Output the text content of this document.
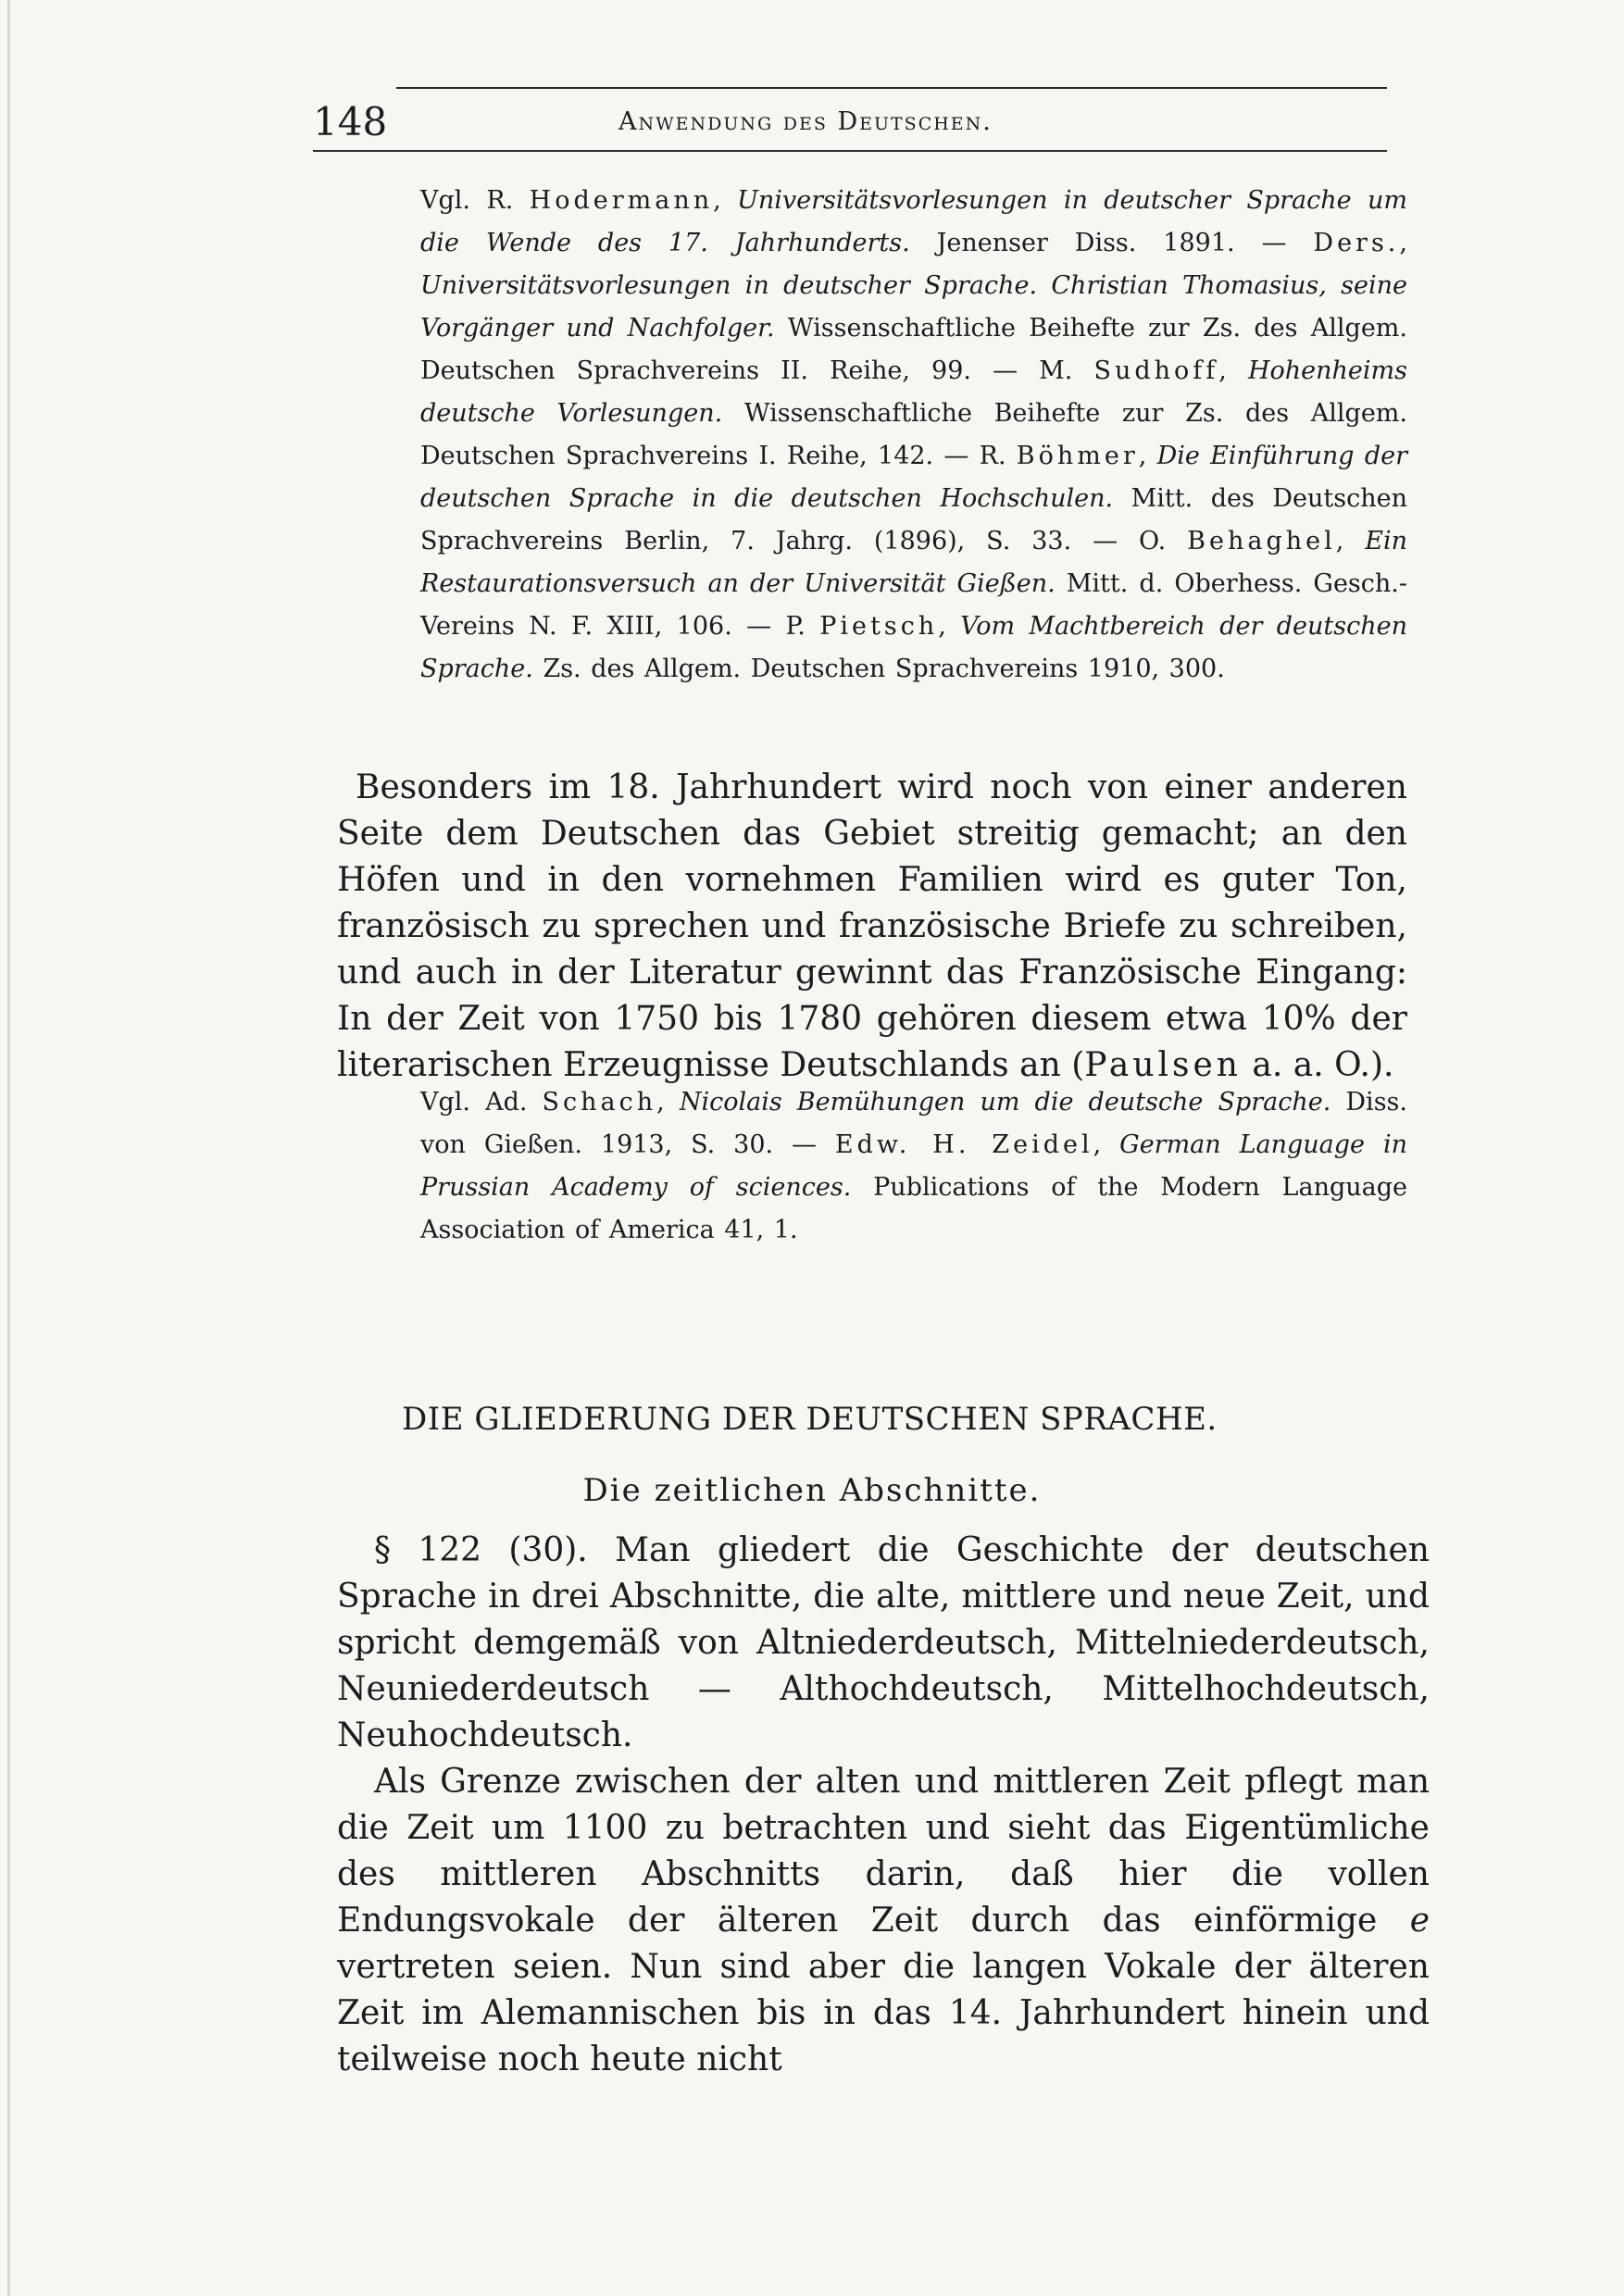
148	Anwendung des Deutschen.
Vgl. R. Hodermann, Universitätsvorlesungen in deutscher Sprache um die Wende des 17. Jahrhunderts. Jenenser Diss. 1891. — Ders., Universitätsvorlesungen in deutscher Sprache. Christian Thomasius, seine Vorgänger und Nachfolger. Wissenschaftliche Beihefte zur Zs. des Allgem. Deutschen Sprachvereins II. Reihe, 99. — M. Sudhoff, Hohenheims deutsche Vorlesungen. Wissenschaftliche Beihefte zur Zs. des Allgem. Deutschen Sprachvereins I. Reihe, 142. — R. Böhmer, Die Einführung der deutschen Sprache in die deutschen Hochschulen. Mitt. des Deutschen Sprachvereins Berlin, 7. Jahrg. (1896), S. 33. — O. Behaghel, Ein Restaurationsversuch an der Universität Gießen. Mitt. d. Oberhess. Gesch.-Vereins N. F. XIII, 106. — P. Pietsch, Vom Machtbereich der deutschen Sprache. Zs. des Allgem. Deutschen Sprachvereins 1910, 300.

Besonders im 18. Jahrhundert wird noch von einer anderen Seite dem Deutschen das Gebiet streitig gemacht; an den Höfen und in den vornehmen Familien wird es guter Ton, französisch zu sprechen und französische Briefe zu schreiben, und auch in der Literatur gewinnt das Französische Eingang: In der Zeit von 1750 bis 1780 gehören diesem etwa 10% der literarischen Erzeugnisse Deutschlands an (Paulsen a. a. O.).

Vgl. Ad. Schach, Nicolais Bemühungen um die deutsche Sprache. Diss. von Gießen. 1913, S. 30. — Edw. H. Zeidel, German Language in Prussian Academy of sciences. Publications of the Modern Language Association of America 41, 1.
DIE GLIEDERUNG DER DEUTSCHEN SPRACHE.
Die zeitlichen Abschnitte.

§ 122 (30). Man gliedert die Geschichte der deutschen Sprache in drei Abschnitte, die alte, mittlere und neue Zeit, und spricht demgemäß von Altniederdeutsch, Mittelniederdeutsch, Neuniederdeutsch — Althochdeutsch, Mittelhochdeutsch, Neuhochdeutsch.

Als Grenze zwischen der alten und mittleren Zeit pflegt man die Zeit um 1100 zu betrachten und sieht das Eigentümliche des mittleren Abschnitts darin, daß hier die vollen Endungsvokale der älteren Zeit durch das einförmige e vertreten seien. Nun sind aber die langen Vokale der älteren Zeit im Alemannischen bis in das 14. Jahrhundert hinein und teilweise noch heute nicht
